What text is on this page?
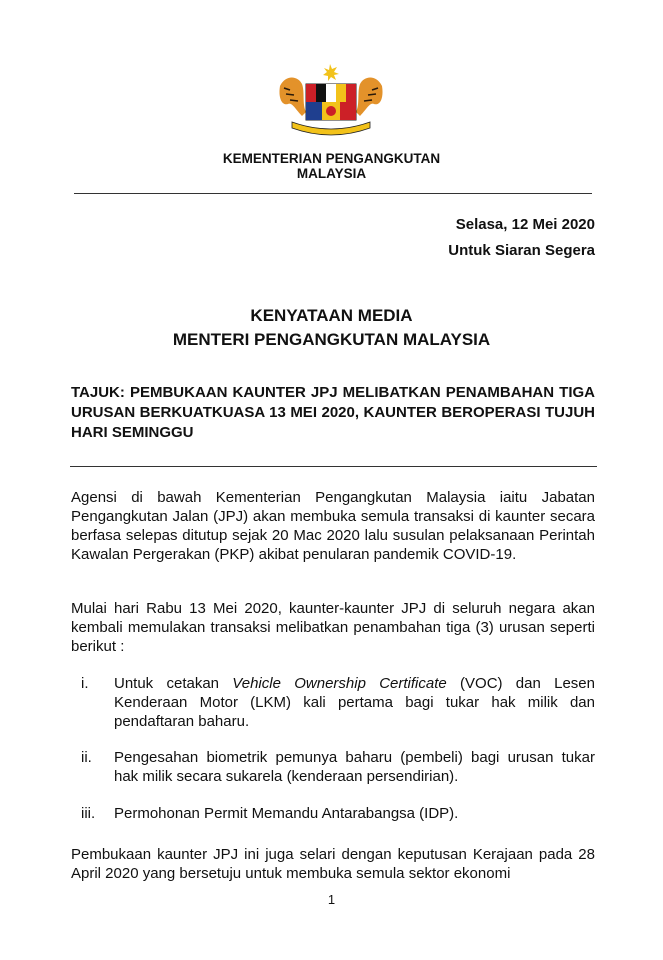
KEMENTERIAN PENGANGKUTAN
MALAYSIA
Selasa, 12 Mei 2020
Untuk Siaran Segera
KENYATAAN MEDIA
MENTERI PENGANGKUTAN MALAYSIA
TAJUK: PEMBUKAAN KAUNTER JPJ MELIBATKAN PENAMBAHAN TIGA URUSAN BERKUATKUASA 13 MEI 2020, KAUNTER BEROPERASI TUJUH HARI SEMINGGU
Agensi di bawah Kementerian Pengangkutan Malaysia iaitu Jabatan Pengangkutan Jalan (JPJ) akan membuka semula transaksi di kaunter secara berfasa selepas ditutup sejak 20 Mac 2020 lalu susulan pelaksanaan Perintah Kawalan Pergerakan (PKP) akibat penularan pandemik COVID-19.
Mulai hari Rabu 13 Mei 2020, kaunter-kaunter JPJ di seluruh negara akan kembali memulakan transaksi melibatkan penambahan tiga (3) urusan seperti berikut :
i. Untuk cetakan Vehicle Ownership Certificate (VOC) dan Lesen Kenderaan Motor (LKM) kali pertama bagi tukar hak milik dan pendaftaran baharu.
ii. Pengesahan biometrik pemunya baharu (pembeli) bagi urusan tukar hak milik secara sukarela (kenderaan persendirian).
iii. Permohonan Permit Memandu Antarabangsa (IDP).
Pembukaan kaunter JPJ ini juga selari dengan keputusan Kerajaan pada 28 April 2020 yang bersetuju untuk membuka semula sektor ekonomi
1
